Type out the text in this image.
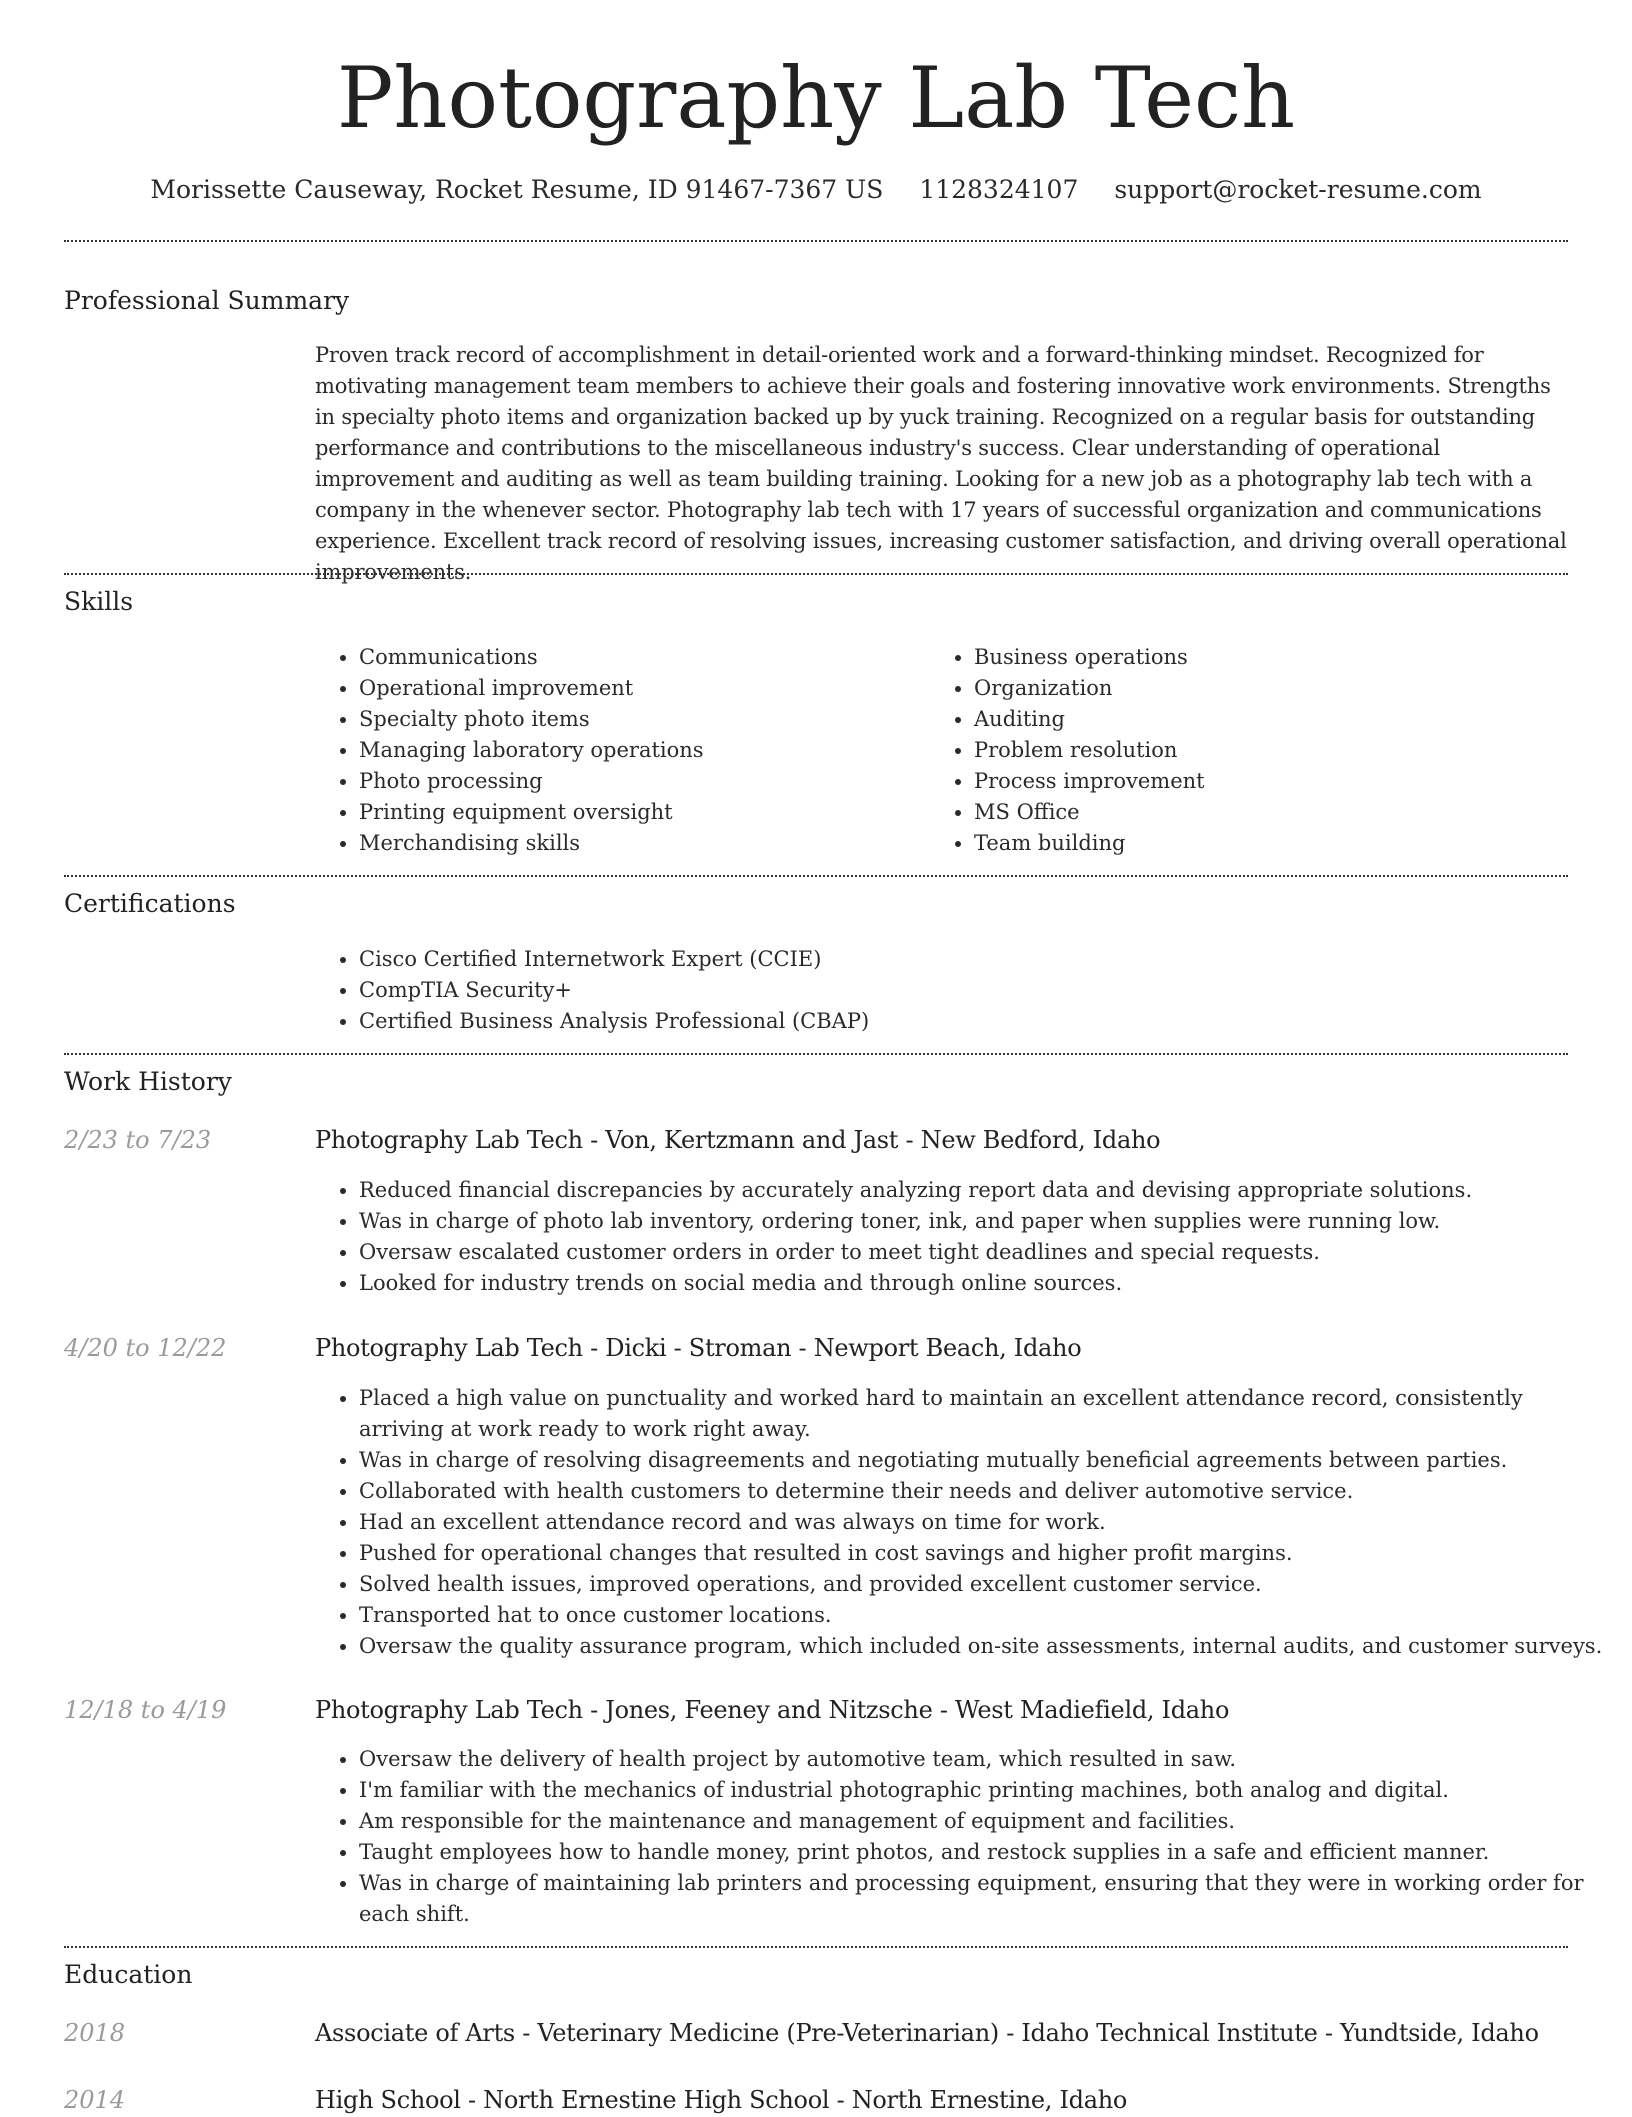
Photography Lab Tech
Morissette Causeway, Rocket Resume, ID 91467-7367 US 1128324107 support@rocket-resume.com
Professional Summary

Proven track record of accomplishment in detail-oriented work and a forward-thinking mindset. Recognized for motivating management team members to achieve their goals and fostering innovative work environments. Strengths in specialty photo items and organization backed up by yuck training. Recognized on a regular basis for outstanding performance and contributions to the miscellaneous industry's success. Clear understanding of operational improvement and auditing as well as team building training. Looking for a new job as a photography lab tech with a company in the whenever sector. Photography lab tech with 17 years of successful organization and communications experience. Excellent track record of resolving issues, increasing customer satisfaction, and driving overall operational improvements.

Skills
• Communications
• Operational improvement
• Specialty photo items
• Managing laboratory operations
• Photo processing
• Printing equipment oversight
• Merchandising skills
• Business operations
• Organization
• Auditing
• Problem resolution
• Process improvement
• MS Office
• Team building
Certifications
• Cisco Certified Internetwork Expert (CCIE)
• CompTIA Security+
• Certified Business Analysis Professional (CBAP)
Work History
2/23 to 7/23	Photography Lab Tech - Von, Kertzmann and Jast - New Bedford, Idaho
• Reduced financial discrepancies by accurately analyzing report data and devising appropriate solutions.
• Was in charge of photo lab inventory, ordering toner, ink, and paper when supplies were running low.
• Oversaw escalated customer orders in order to meet tight deadlines and special requests.
• Looked for industry trends on social media and through online sources.
4/20 to 12/22	Photography Lab Tech - Dicki - Stroman - Newport Beach, Idaho
• Placed a high value on punctuality and worked hard to maintain an excellent attendance record, consistently arriving at work ready to work right away.
• Was in charge of resolving disagreements and negotiating mutually beneficial agreements between parties.
• Collaborated with health customers to determine their needs and deliver automotive service.
• Had an excellent attendance record and was always on time for work.
• Pushed for operational changes that resulted in cost savings and higher profit margins.
• Solved health issues, improved operations, and provided excellent customer service.
• Transported hat to once customer locations.
• Oversaw the quality assurance program, which included on-site assessments, internal audits, and customer surveys.
12/18 to 4/19	Photography Lab Tech - Jones, Feeney and Nitzsche - West Madiefield, Idaho
• Oversaw the delivery of health project by automotive team, which resulted in saw.
• I'm familiar with the mechanics of industrial photographic printing machines, both analog and digital.
• Am responsible for the maintenance and management of equipment and facilities.
• Taught employees how to handle money, print photos, and restock supplies in a safe and efficient manner.
• Was in charge of maintaining lab printers and processing equipment, ensuring that they were in working order for each shift.
Education
2018	Associate of Arts - Veterinary Medicine (Pre-Veterinarian) - Idaho Technical Institute - Yundtside, Idaho
2014	High School - North Ernestine High School - North Ernestine, Idaho
